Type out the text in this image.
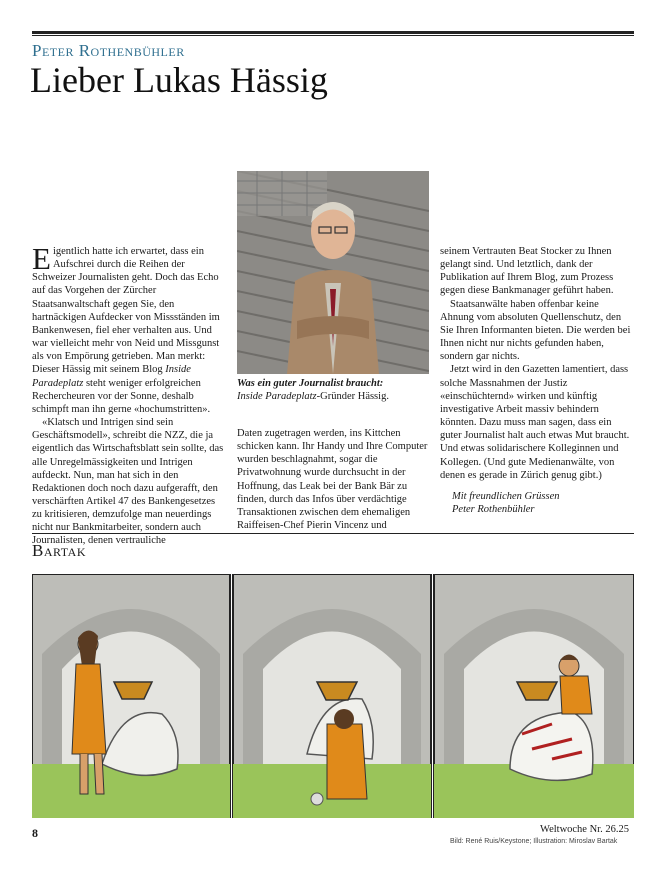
Peter Rothenbühler
Lieber Lukas Hässig
Was ein guter Journalist braucht:
Inside Paradeplatz-Gründer Hässig.

Eigentlich hatte ich erwartet, dass ein Aufschrei durch die Reihen der Schweizer Journalisten geht. Doch das Echo auf das Vorgehen der Zürcher Staatsanwaltschaft gegen Sie, den hartnäckigen Aufdecker von Missständen im Bankenwesen, fiel eher verhalten aus. Und war vielleicht mehr von Neid und Missgunst als von Empörung getrieben. Man merkt: Dieser Hässig mit seinem Blog Inside Paradeplatz steht weniger erfolgreichen Rechercheuren vor der Sonne, deshalb schimpft man ihn gerne «hochumstritten».

«Klatsch und Intrigen sind sein Geschäftsmodell», schreibt die NZZ, die ja eigentlich das Wirtschaftsblatt sein sollte, das alle Unregelmässigkeiten und Intrigen aufdeckt. Nun, man hat sich in den Redaktionen doch noch dazu aufgerafft, den verschärften Artikel 47 des Bankengesetzes zu kritisieren, demzufolge man neuerdings nicht nur Bankmitarbeiter, sondern auch Journalisten, denen vertrauliche

Daten zugetragen werden, ins Kittchen schicken kann. Ihr Handy und Ihre Computer wurden beschlagnahmt, sogar die Privatwohnung wurde durchsucht in der Hoffnung, das Leak bei der Bank Bär zu finden, durch das Infos über verdächtige Transaktionen zwischen dem ehemaligen Raiffeisen-Chef Pierin Vincenz und

seinem Vertrauten Beat Stocker zu Ihnen gelangt sind. Und letztlich, dank der Publikation auf Ihrem Blog, zum Prozess gegen diese Bankmanager geführt haben.

Staatsanwälte haben offenbar keine Ahnung vom absoluten Quellenschutz, den Sie Ihren Informanten bieten. Die werden bei Ihnen nicht nur nichts gefunden haben, sondern gar nichts.

Jetzt wird in den Gazetten lamentiert, dass solche Massnahmen der Justiz «einschüchternd» wirken und künftig investigative Arbeit massiv behindern könnten. Dazu muss man sagen, dass ein guter Journalist halt auch etwas Mut braucht. Und etwas solidarischere Kolleginnen und Kollegen. (Und gute Medienanwälte, von denen es gerade in Zürich genug gibt.)

Mit freundlichen Grüssen
Peter Rothenbühler
Bartak
8	Weltwoche Nr. 26.25
Bild: René Ruis/Keystone; Illustration: Miroslav Bartak
